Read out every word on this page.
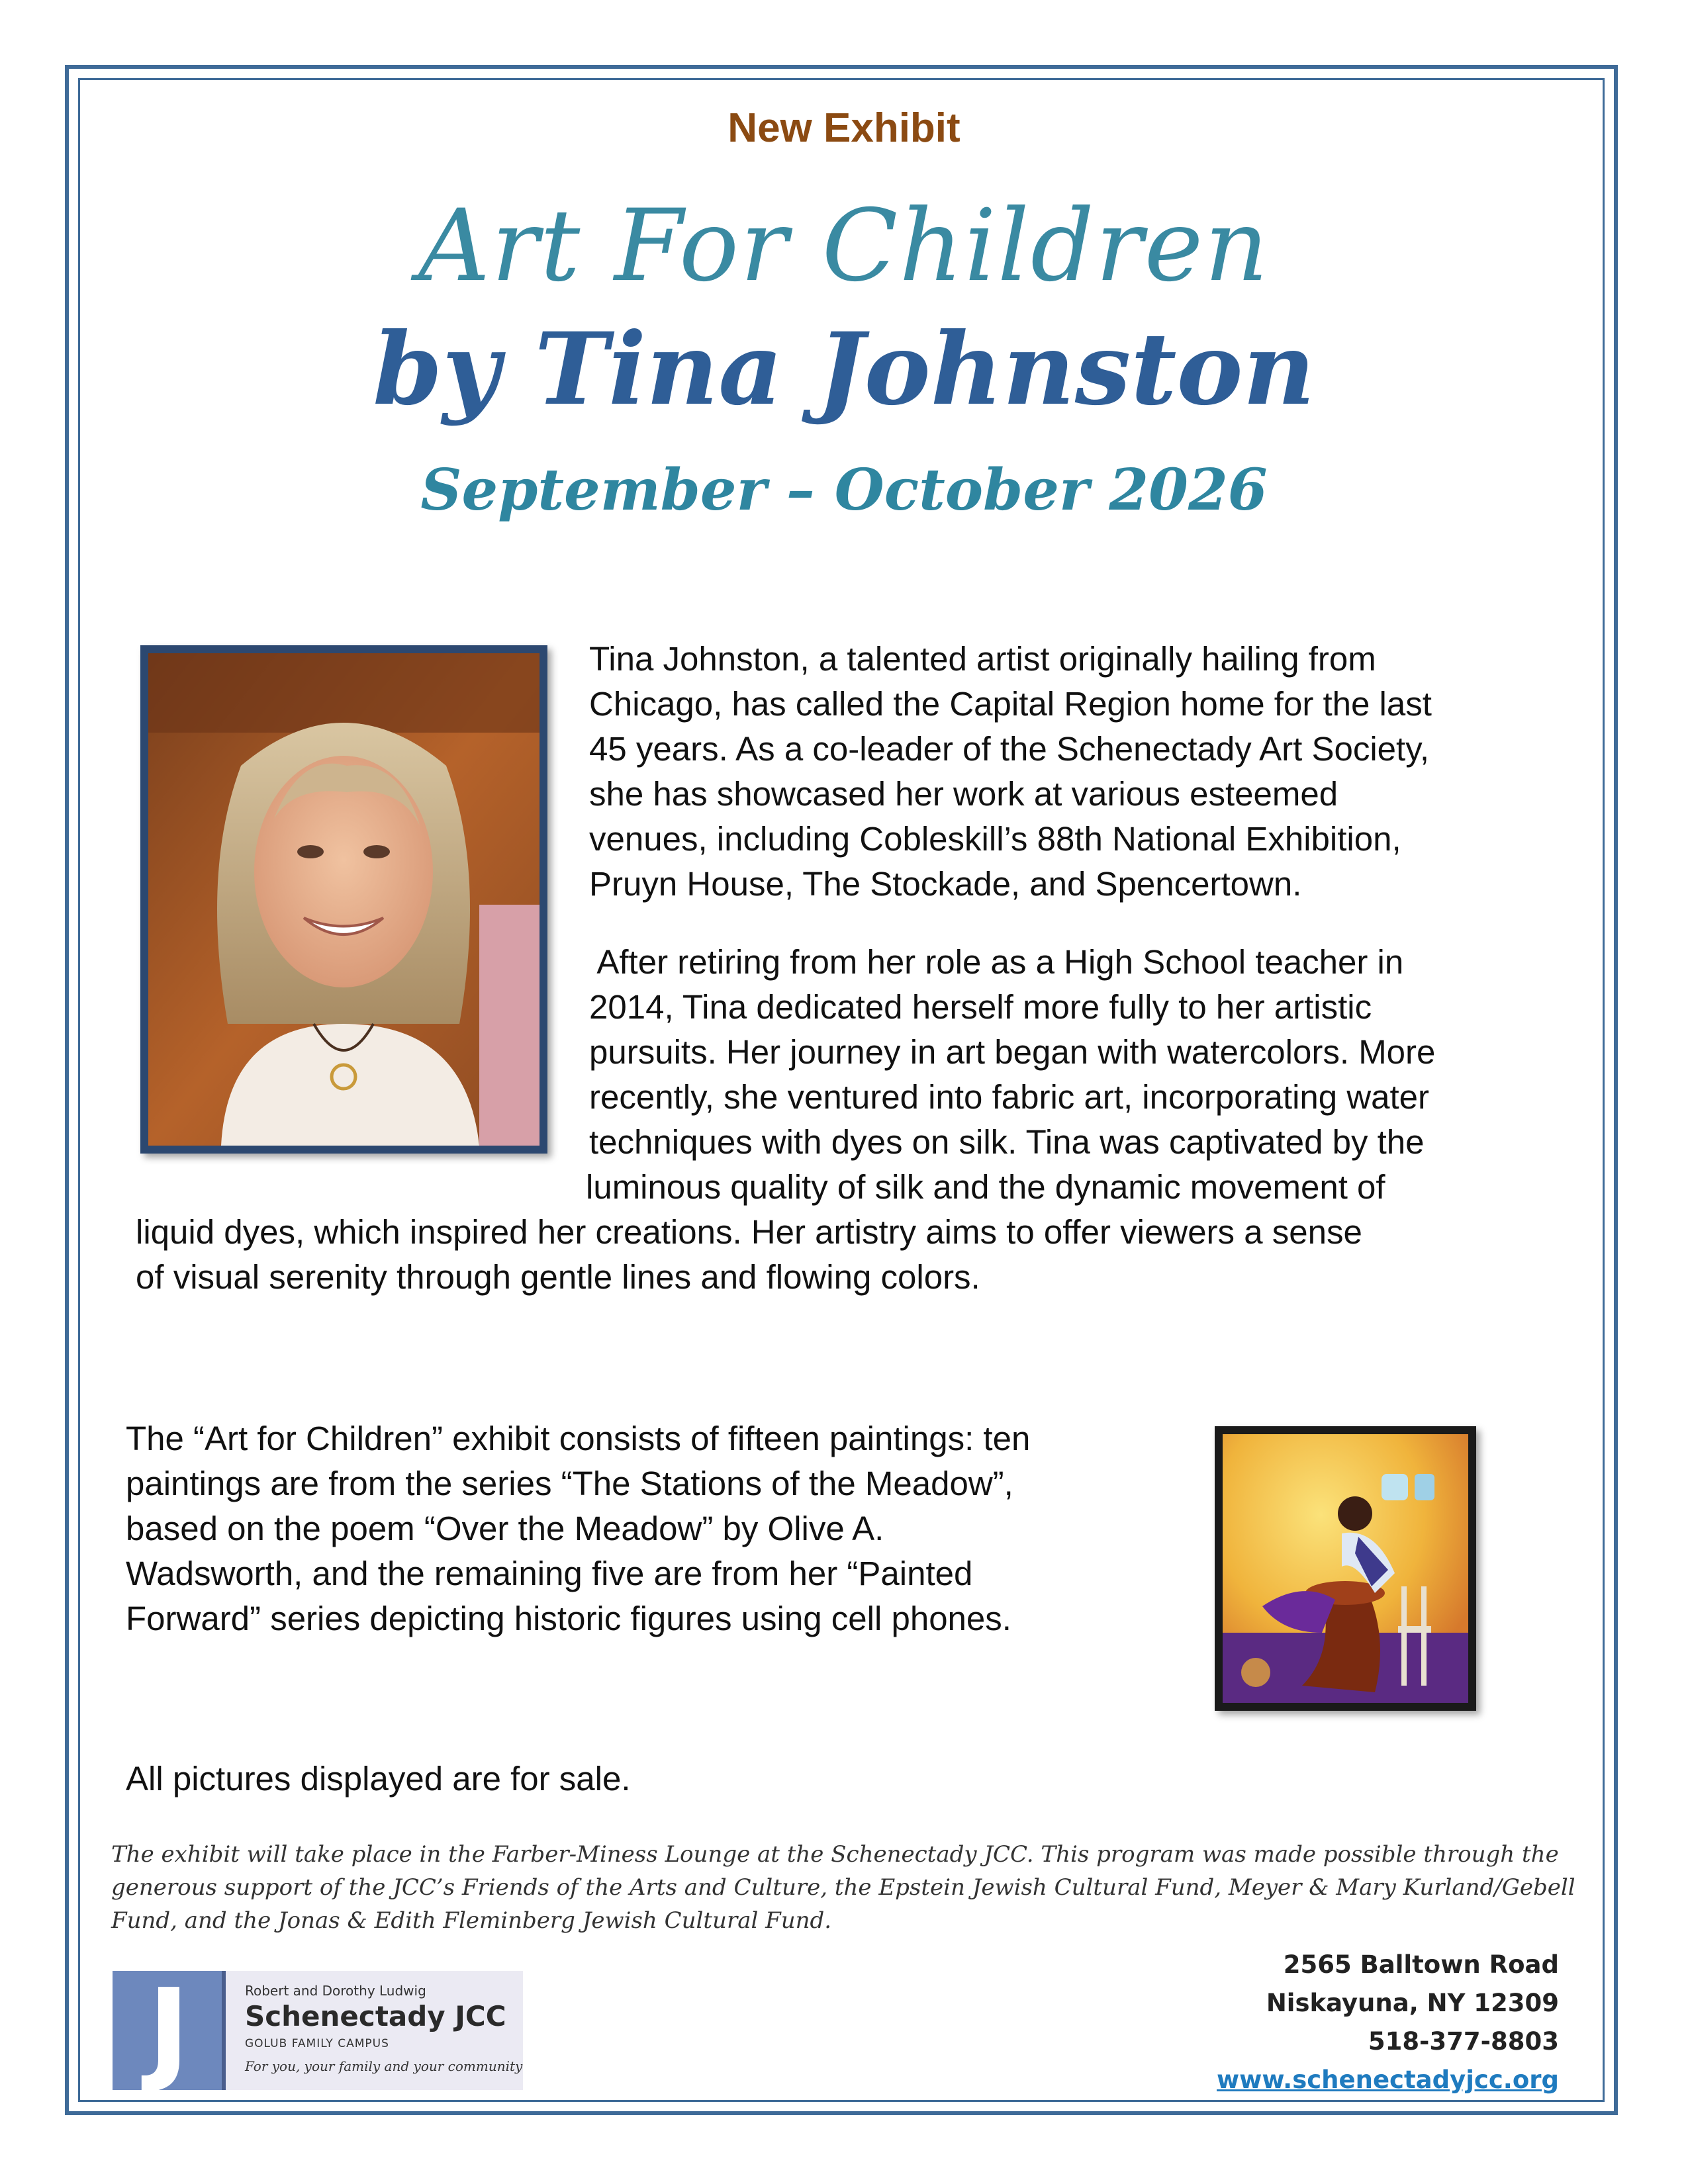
New Exhibit
Art For Children
by Tina Johnston
September – October 2026
Tina Johnston, a talented artist originally hailing from
Chicago, has called the Capital Region home for the last
45 years. As a co-leader of the Schenectady Art Society,
she has showcased her work at various esteemed
venues, including Cobleskill’s 88th National Exhibition,
Pruyn House, The Stockade, and Spencertown.
After retiring from her role as a High School teacher in
2014, Tina dedicated herself more fully to her artistic
pursuits. Her journey in art began with watercolors. More
recently, she ventured into fabric art, incorporating water
techniques with dyes on silk. Tina was captivated by the
luminous quality of silk and the dynamic movement of
liquid dyes, which inspired her creations. Her artistry aims to offer viewers a sense
of visual serenity through gentle lines and flowing colors.
The “Art for Children” exhibit consists of fifteen paintings: ten
paintings are from the series “The Stations of the Meadow”,
based on the poem “Over the Meadow” by Olive A.
Wadsworth, and the remaining five are from her “Painted
Forward” series depicting historic figures using cell phones.
All pictures displayed are for sale.
The exhibit will take place in the Farber-Miness Lounge at the Schenectady JCC. This program was made possible through the
generous support of the JCC’s Friends of the Arts and Culture, the Epstein Jewish Cultural Fund, Meyer & Mary Kurland/Gebell
Fund, and the Jonas & Edith Fleminberg Jewish Cultural Fund.
J	Robert and Dorothy Ludwig
Schenectady JCC
GOLUB FAMILY CAMPUS
For you, your family and your community
2565 Balltown Road
Niskayuna, NY 12309
518-377-8803
www.schenectadyjcc.org
